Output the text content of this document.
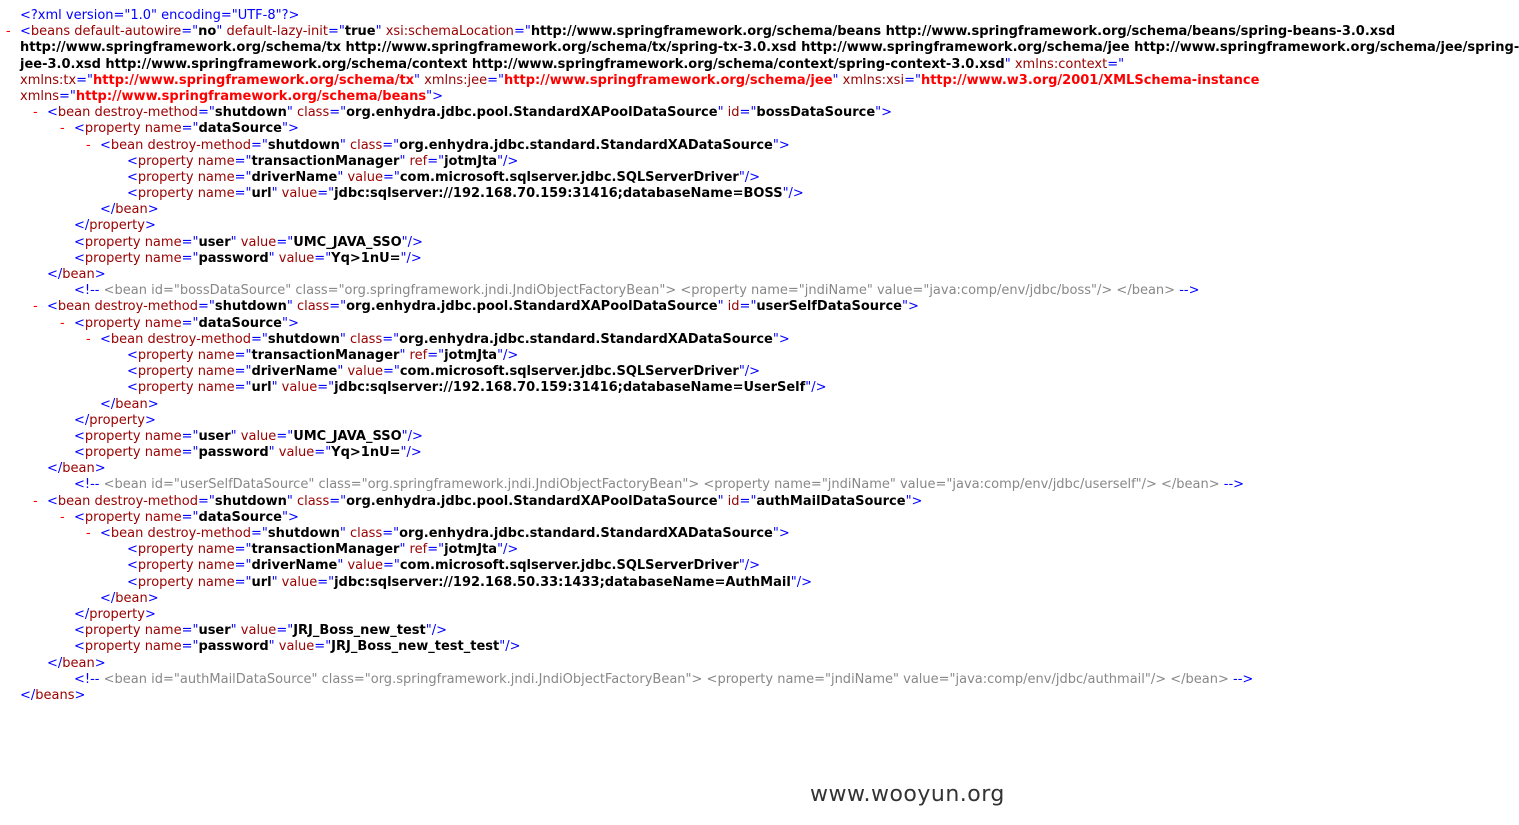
<?xml version="1.0" encoding="UTF-8"?>
- <beans default-autowire="no" default-lazy-init="true" xsi:schemaLocation="http://www.springframework.org/schema/beans http://www.springframework.org/schema/beans/spring-beans-3.0.xsd
http://www.springframework.org/schema/tx http://www.springframework.org/schema/tx/spring-tx-3.0.xsd http://www.springframework.org/schema/jee http://www.springframework.org/schema/jee/spring-
jee-3.0.xsd http://www.springframework.org/schema/context http://www.springframework.org/schema/context/spring-context-3.0.xsd" xmlns:context="
xmlns:tx="http://www.springframework.org/schema/tx" xmlns:jee="http://www.springframework.org/schema/jee" xmlns:xsi="http://www.w3.org/2001/XMLSchema-instance
xmlns="http://www.springframework.org/schema/beans">
- <bean destroy-method="shutdown" class="org.enhydra.jdbc.pool.StandardXAPoolDataSource" id="bossDataSource">
- <property name="dataSource">
- <bean destroy-method="shutdown" class="org.enhydra.jdbc.standard.StandardXADataSource">
<property name="transactionManager" ref="jotmJta"/>
<property name="driverName" value="com.microsoft.sqlserver.jdbc.SQLServerDriver"/>
<property name="url" value="jdbc:sqlserver://192.168.70.159:31416;databaseName=BOSS"/>
</bean>
</property>
<property name="user" value="UMC_JAVA_SSO"/>
<property name="password" value="Yq>1nU="/>
</bean>
<!-- <bean id="bossDataSource" class="org.springframework.jndi.JndiObjectFactoryBean"> <property name="jndiName" value="java:comp/env/jdbc/boss"/> </bean> -->
- <bean destroy-method="shutdown" class="org.enhydra.jdbc.pool.StandardXAPoolDataSource" id="userSelfDataSource">
- <property name="dataSource">
- <bean destroy-method="shutdown" class="org.enhydra.jdbc.standard.StandardXADataSource">
<property name="transactionManager" ref="jotmJta"/>
<property name="driverName" value="com.microsoft.sqlserver.jdbc.SQLServerDriver"/>
<property name="url" value="jdbc:sqlserver://192.168.70.159:31416;databaseName=UserSelf"/>
</bean>
</property>
<property name="user" value="UMC_JAVA_SSO"/>
<property name="password" value="Yq>1nU="/>
</bean>
<!-- <bean id="userSelfDataSource" class="org.springframework.jndi.JndiObjectFactoryBean"> <property name="jndiName" value="java:comp/env/jdbc/userself"/> </bean> -->
- <bean destroy-method="shutdown" class="org.enhydra.jdbc.pool.StandardXAPoolDataSource" id="authMailDataSource">
- <property name="dataSource">
- <bean destroy-method="shutdown" class="org.enhydra.jdbc.standard.StandardXADataSource">
<property name="transactionManager" ref="jotmJta"/>
<property name="driverName" value="com.microsoft.sqlserver.jdbc.SQLServerDriver"/>
<property name="url" value="jdbc:sqlserver://192.168.50.33:1433;databaseName=AuthMail"/>
</bean>
</property>
<property name="user" value="JRJ_Boss_new_test"/>
<property name="password" value="JRJ_Boss_new_test_test"/>
</bean>
<!-- <bean id="authMailDataSource" class="org.springframework.jndi.JndiObjectFactoryBean"> <property name="jndiName" value="java:comp/env/jdbc/authmail"/> </bean> -->
</beans>
www.wooyun.org
